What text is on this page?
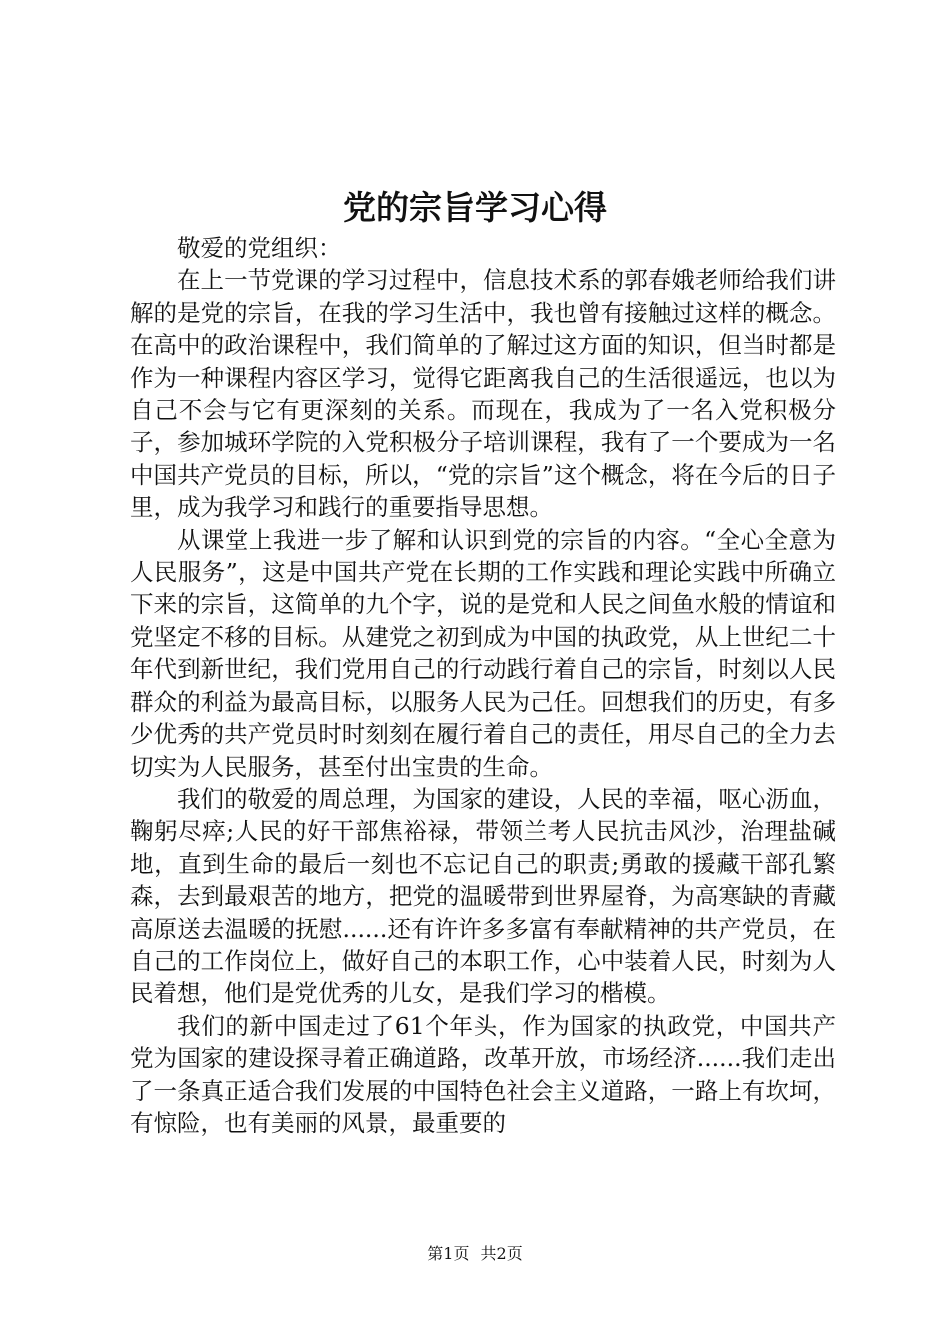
党的宗旨学习心得

敬爱的党组织：

在上一节党课的学习过程中，信息技术系的郭春娥老师给我们讲解的是党的宗旨，在我的学习生活中，我也曾有接触过这样的概念。在高中的政治课程中，我们简单的了解过这方面的知识，但当时都是作为一种课程内容区学习，觉得它距离我自己的生活很遥远，也以为自己不会与它有更深刻的关系。而现在，我成为了一名入党积极分子，参加城环学院的入党积极分子培训课程，我有了一个要成为一名中国共产党员的目标，所以，“党的宗旨”这个概念，将在今后的日子里，成为我学习和践行的重要指导思想。

从课堂上我进一步了解和认识到党的宗旨的内容。“全心全意为人民服务”，这是中国共产党在长期的工作实践和理论实践中所确立下来的宗旨，这简单的九个字，说的是党和人民之间鱼水般的情谊和党坚定不移的目标。从建党之初到成为中国的执政党，从上世纪二十年代到新世纪，我们党用自己的行动践行着自己的宗旨，时刻以人民群众的利益为最高目标，以服务人民为己任。回想我们的历史，有多少优秀的共产党员时时刻刻在履行着自己的责任，用尽自己的全力去切实为人民服务，甚至付出宝贵的生命。

我们的敬爱的周总理，为国家的建设，人民的幸福，呕心沥血，鞠躬尽瘁;人民的好干部焦裕禄，带领兰考人民抗击风沙，治理盐碱地，直到生命的最后一刻也不忘记自己的职责;勇敢的援藏干部孔繁森，去到最艰苦的地方，把党的温暖带到世界屋脊，为高寒缺的青藏高原送去温暖的抚慰......还有许许多多富有奉献精神的共产党员，在自己的工作岗位上，做好自己的本职工作，心中装着人民，时刻为人民着想，他们是党优秀的儿女，是我们学习的楷模。

我们的新中国走过了61个年头，作为国家的执政党，中国共产党为国家的建设探寻着正确道路，改革开放，市场经济......我们走出了一条真正适合我们发展的中国特色社会主义道路，一路上有坎坷，有惊险，也有美丽的风景，最重要的

第1页 共2页
